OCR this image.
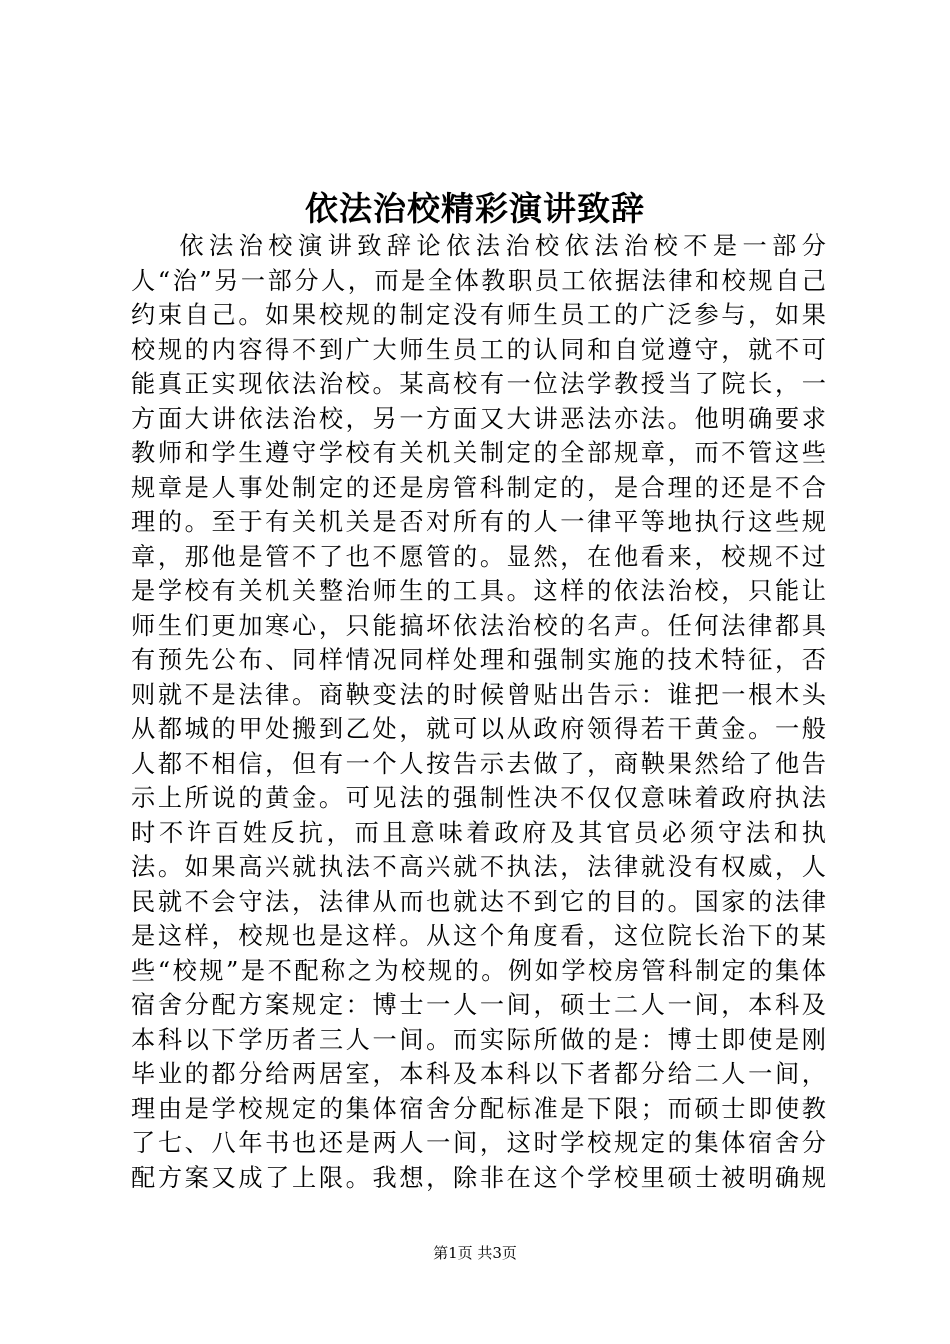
依法治校精彩演讲致辞

依法治校演讲致辞论依法治校依法治校不是一部分人“治”另一部分人，而是全体教职员工依据法律和校规自己约束自己。如果校规的制定没有师生员工的广泛参与，如果校规的内容得不到广大师生员工的认同和自觉遵守，就不可能真正实现依法治校。某高校有一位法学教授当了院长，一方面大讲依法治校，另一方面又大讲恶法亦法。他明确要求教师和学生遵守学校有关机关制定的全部规章，而不管这些规章是人事处制定的还是房管科制定的，是合理的还是不合理的。至于有关机关是否对所有的人一律平等地执行这些规章，那他是管不了也不愿管的。显然，在他看来，校规不过是学校有关机关整治师生的工具。这样的依法治校，只能让师生们更加寒心，只能搞坏依法治校的名声。任何法律都具有预先公布、同样情况同样处理和强制实施的技术特征，否则就不是法律。商鞅变法的时候曾贴出告示：谁把一根木头从都城的甲处搬到乙处，就可以从政府领得若干黄金。一般人都不相信，但有一个人按告示去做了，商鞅果然给了他告示上所说的黄金。可见法的强制性决不仅仅意味着政府执法时不许百姓反抗，而且意味着政府及其官员必须守法和执法。如果高兴就执法不高兴就不执法，法律就没有权威，人民就不会守法，法律从而也就达不到它的目的。国家的法律是这样，校规也是这样。从这个角度看，这位院长治下的某些“校规”是不配称之为校规的。例如学校房管科制定的集体宿舍分配方案规定：博士一人一间，硕士二人一间，本科及本科以下学历者三人一间。而实际所做的是：博士即使是刚毕业的都分给两居室，本科及本科以下者都分给二人一间，理由是学校规定的集体宿舍分配标准是下限；而硕士即使教了七、八年书也还是两人一间，这时学校规定的集体宿舍分配方案又成了上限。我想，除非在这个学校里硕士被明确规

第1页 共3页
